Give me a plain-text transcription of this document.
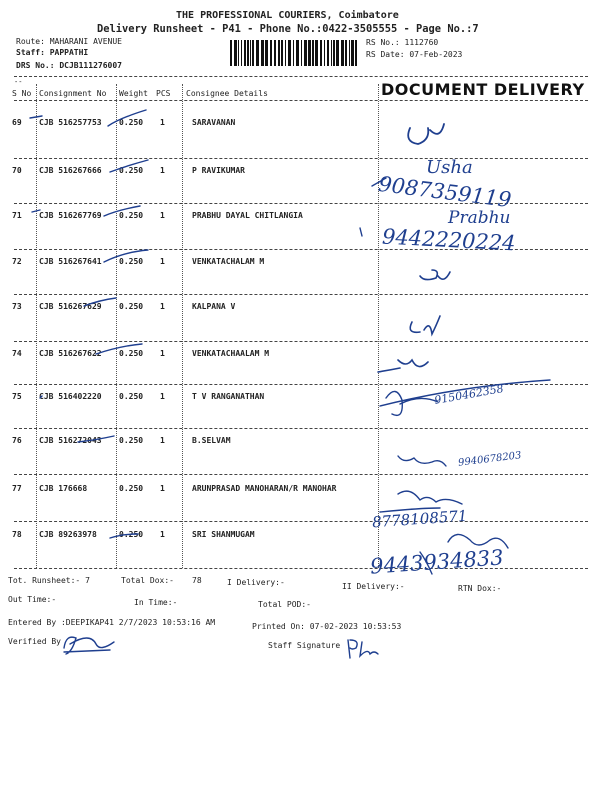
THE PROFESSIONAL COURIERS, Coimbatore
Delivery Runsheet - P41 - Phone No.:0422-3505555 - Page No.:7
Route: MAHARANI AVENUE
Staff: PAPPATHI
DRS No.: DCJB111276007
RS No.: 1112760
RS Date: 07-Feb-2023
--
S No Consignment No Weight PCS Consignee Details	DOCUMENT DELIVERY
69 CJB 516257753 0.250 1	SARAVANAN
70 CJB 516267666 0.250 1	P RAVIKUMAR
71 CJB 516267769 0.250 1	PRABHU DAYAL CHITLANGIA
72 CJB 516267641 0.250 1	VENKATACHALAM M
73 CJB 516267629 0.250 1	KALPANA V
74 CJB 516267622 0.250 1	VENKATACHAALAM M
75 CJB 516402220 0.250 1	T V RANGANATHAN
76 CJB 516272043 0.250 1	B.SELVAM
77 CJB 176668	0.250 1	ARUNPRASAD MANOHARAN/R MANOHAR
78 CJB 89263978	0.250 1	SRI SHANMUGAM
Usha
9087359119
Prabhu
9442220224
9150462358
9940678203
8778108571
9443934833
Tot. Runsheet:- 7	Total Dox:- 78	I Delivery:-	II Delivery:-	RTN Dox:-
Out Time:-	In Time:-	Total POD:-
Entered By :DEEPIKAP41 2/7/2023 10:53:16 AM	Printed On: 07-02-2023 10:53:53
Verified By	Staff Signature
